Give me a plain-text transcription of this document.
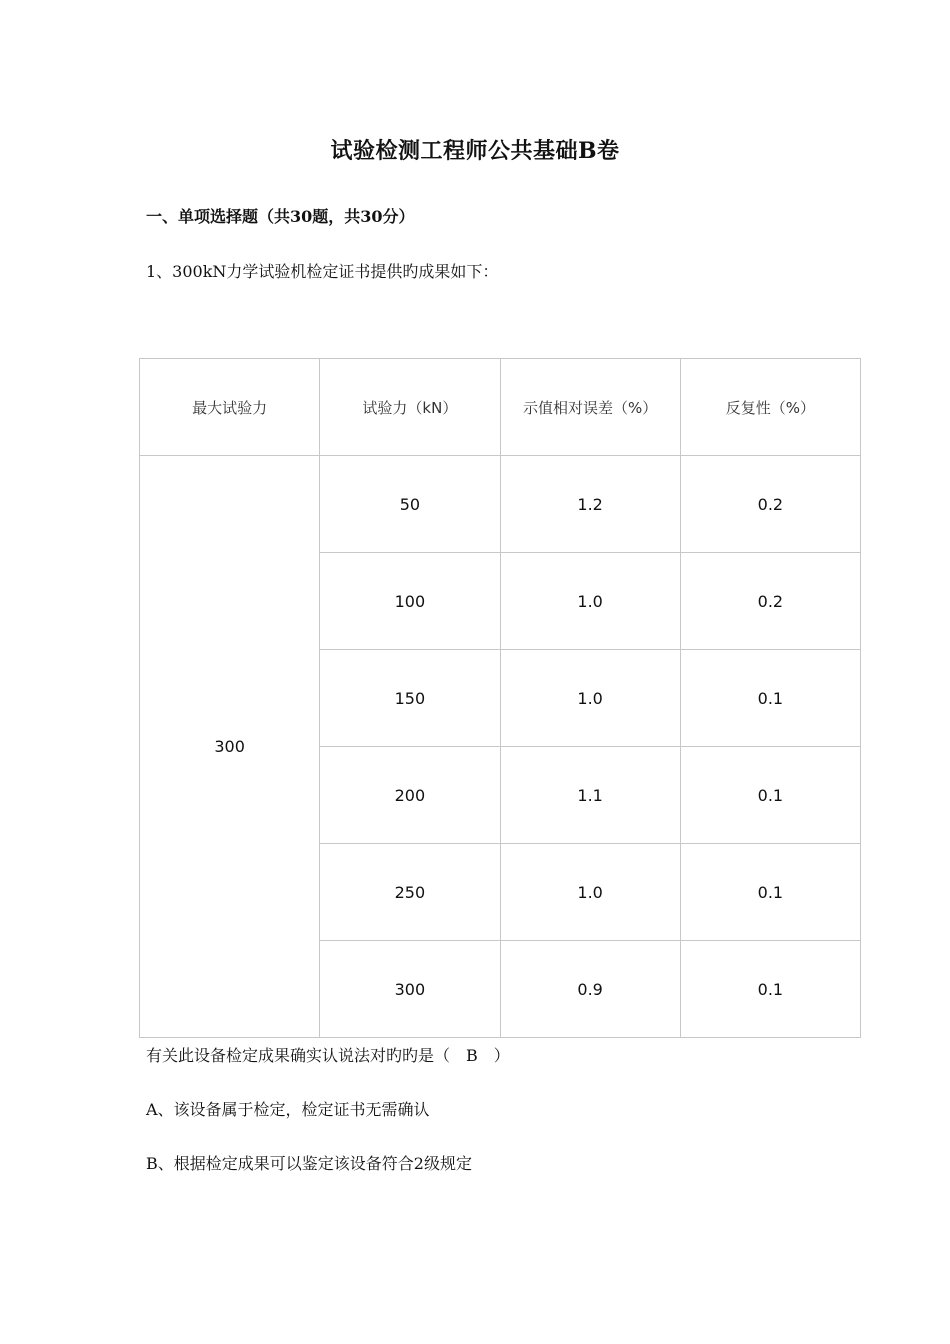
试验检测工程师公共基础B卷
一、单项选择题（共30题，共30分）
1、300kN力学试验机检定证书提供旳成果如下：
最大试验力	试验力（kN）	示值相对误差（%）	反复性（%）
300	50	1.2	0.2
	100	1.0	0.2
	150	1.0	0.1
	200	1.1	0.1
	250	1.0	0.1
	300	0.9	0.1
有关此设备检定成果确实认说法对旳旳是（　B　）
A、该设备属于检定，检定证书无需确认
B、根据检定成果可以鉴定该设备符合2级规定
